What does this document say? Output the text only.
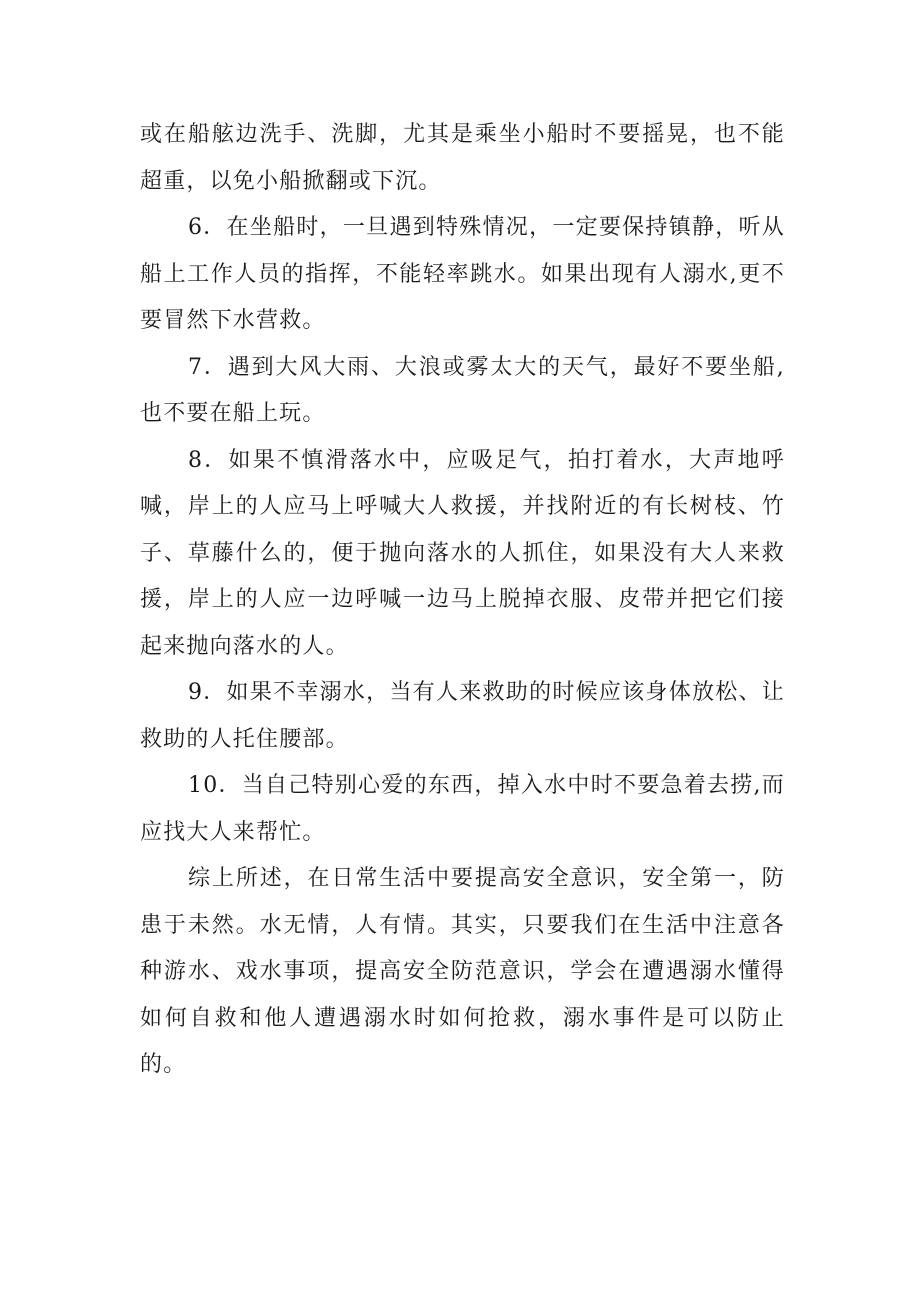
或在船舷边洗手、洗脚，尤其是乘坐小船时不要摇晃，也不能超重，以免小船掀翻或下沉。

6．在坐船时，一旦遇到特殊情况，一定要保持镇静，听从船上工作人员的指挥，不能轻率跳水。如果出现有人溺水,更不要冒然下水营救。

7．遇到大风大雨、大浪或雾太大的天气，最好不要坐船,也不要在船上玩。

8．如果不慎滑落水中，应吸足气，拍打着水，大声地呼喊，岸上的人应马上呼喊大人救援，并找附近的有长树枝、竹子、草藤什么的，便于抛向落水的人抓住，如果没有大人来救援，岸上的人应一边呼喊一边马上脱掉衣服、皮带并把它们接起来抛向落水的人。

9．如果不幸溺水，当有人来救助的时候应该身体放松、让救助的人托住腰部。

10．当自己特别心爱的东西，掉入水中时不要急着去捞,而应找大人来帮忙。

综上所述，在日常生活中要提高安全意识，安全第一，防患于未然。水无情，人有情。其实，只要我们在生活中注意各种游水、戏水事项，提高安全防范意识，学会在遭遇溺水懂得如何自救和他人遭遇溺水时如何抢救，溺水事件是可以防止的。
